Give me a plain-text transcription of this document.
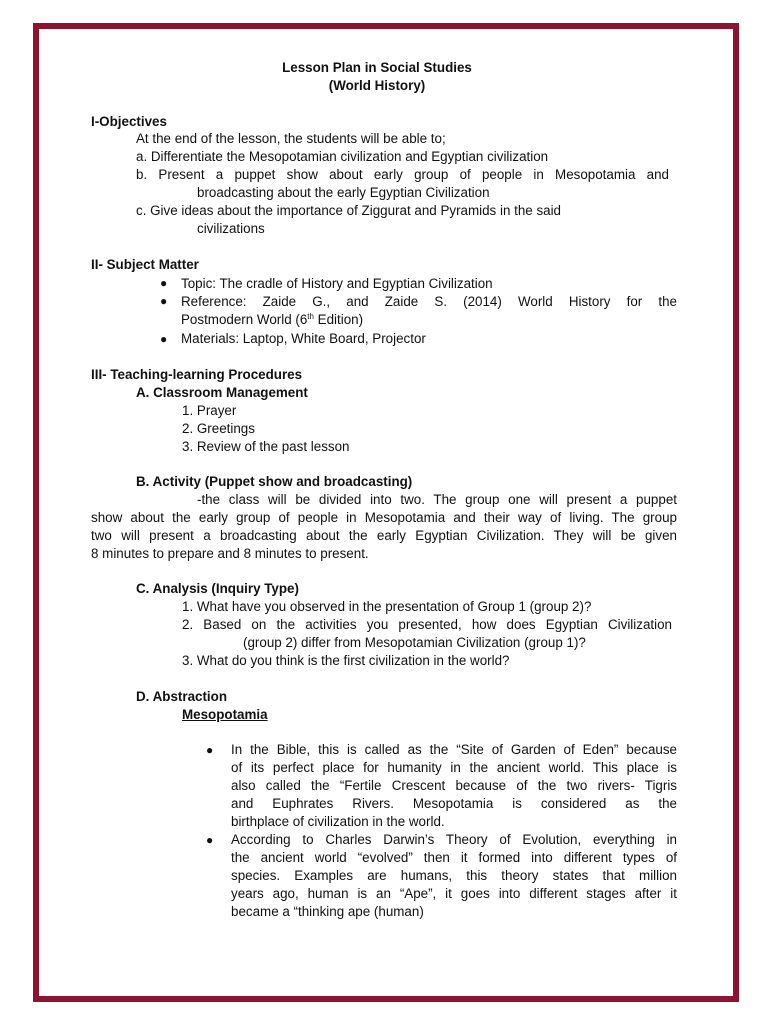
Lesson Plan in Social Studies
(World History)
I-Objectives
At the end of the lesson, the students will be able to;
a. Differentiate the Mesopotamian civilization and Egyptian civilization
b. Present a puppet show about early group of people in Mesopotamia and
broadcasting about the early Egyptian Civilization
c. Give ideas about the importance of Ziggurat and Pyramids in the said
civilizations
II- Subject Matter
● Topic: The cradle of History and Egyptian Civilization
● Reference: Zaide G., and Zaide S. (2014) World History for the
Postmodern World (6th Edition)
● Materials: Laptop, White Board, Projector
III- Teaching-learning Procedures
A. Classroom Management
1. Prayer
2. Greetings
3. Review of the past lesson
B. Activity (Puppet show and broadcasting)
-the class will be divided into two. The group one will present a puppet
show about the early group of people in Mesopotamia and their way of living. The group
two will present a broadcasting about the early Egyptian Civilization. They will be given
8 minutes to prepare and 8 minutes to present.
C. Analysis (Inquiry Type)
1. What have you observed in the presentation of Group 1 (group 2)?
2. Based on the activities you presented, how does Egyptian Civilization
(group 2) differ from Mesopotamian Civilization (group 1)?
3. What do you think is the first civilization in the world?
D. Abstraction
Mesopotamia
● In the Bible, this is called as the “Site of Garden of Eden” because
of its perfect place for humanity in the ancient world. This place is
also called the “Fertile Crescent because of the two rivers- Tigris
and Euphrates Rivers. Mesopotamia is considered as the
birthplace of civilization in the world.
● According to Charles Darwin’s Theory of Evolution, everything in
the ancient world “evolved” then it formed into different types of
species. Examples are humans, this theory states that million
years ago, human is an “Ape”, it goes into different stages after it
became a “thinking ape (human)
